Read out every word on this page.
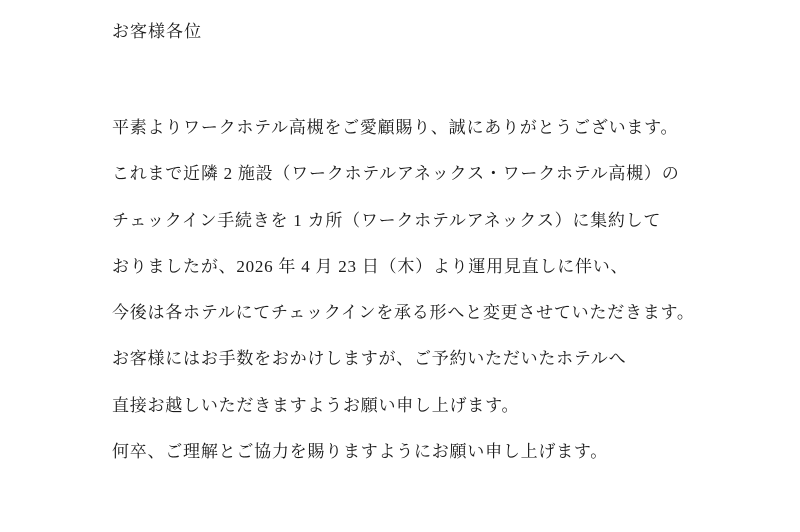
お客様各位
平素よりワークホテル高槻をご愛顧賜り、誠にありがとうございます。
これまで近隣 2 施設（ワークホテルアネックス・ワークホテル高槻）の
チェックイン手続きを 1 カ所（ワークホテルアネックス）に集約して
おりましたが、2026 年 4 月 23 日（木）より運用見直しに伴い、
今後は各ホテルにてチェックインを承る形へと変更させていただきます。
お客様にはお手数をおかけしますが、ご予約いただいたホテルへ
直接お越しいただきますようお願い申し上げます。
何卒、ご理解とご協力を賜りますようにお願い申し上げます。
